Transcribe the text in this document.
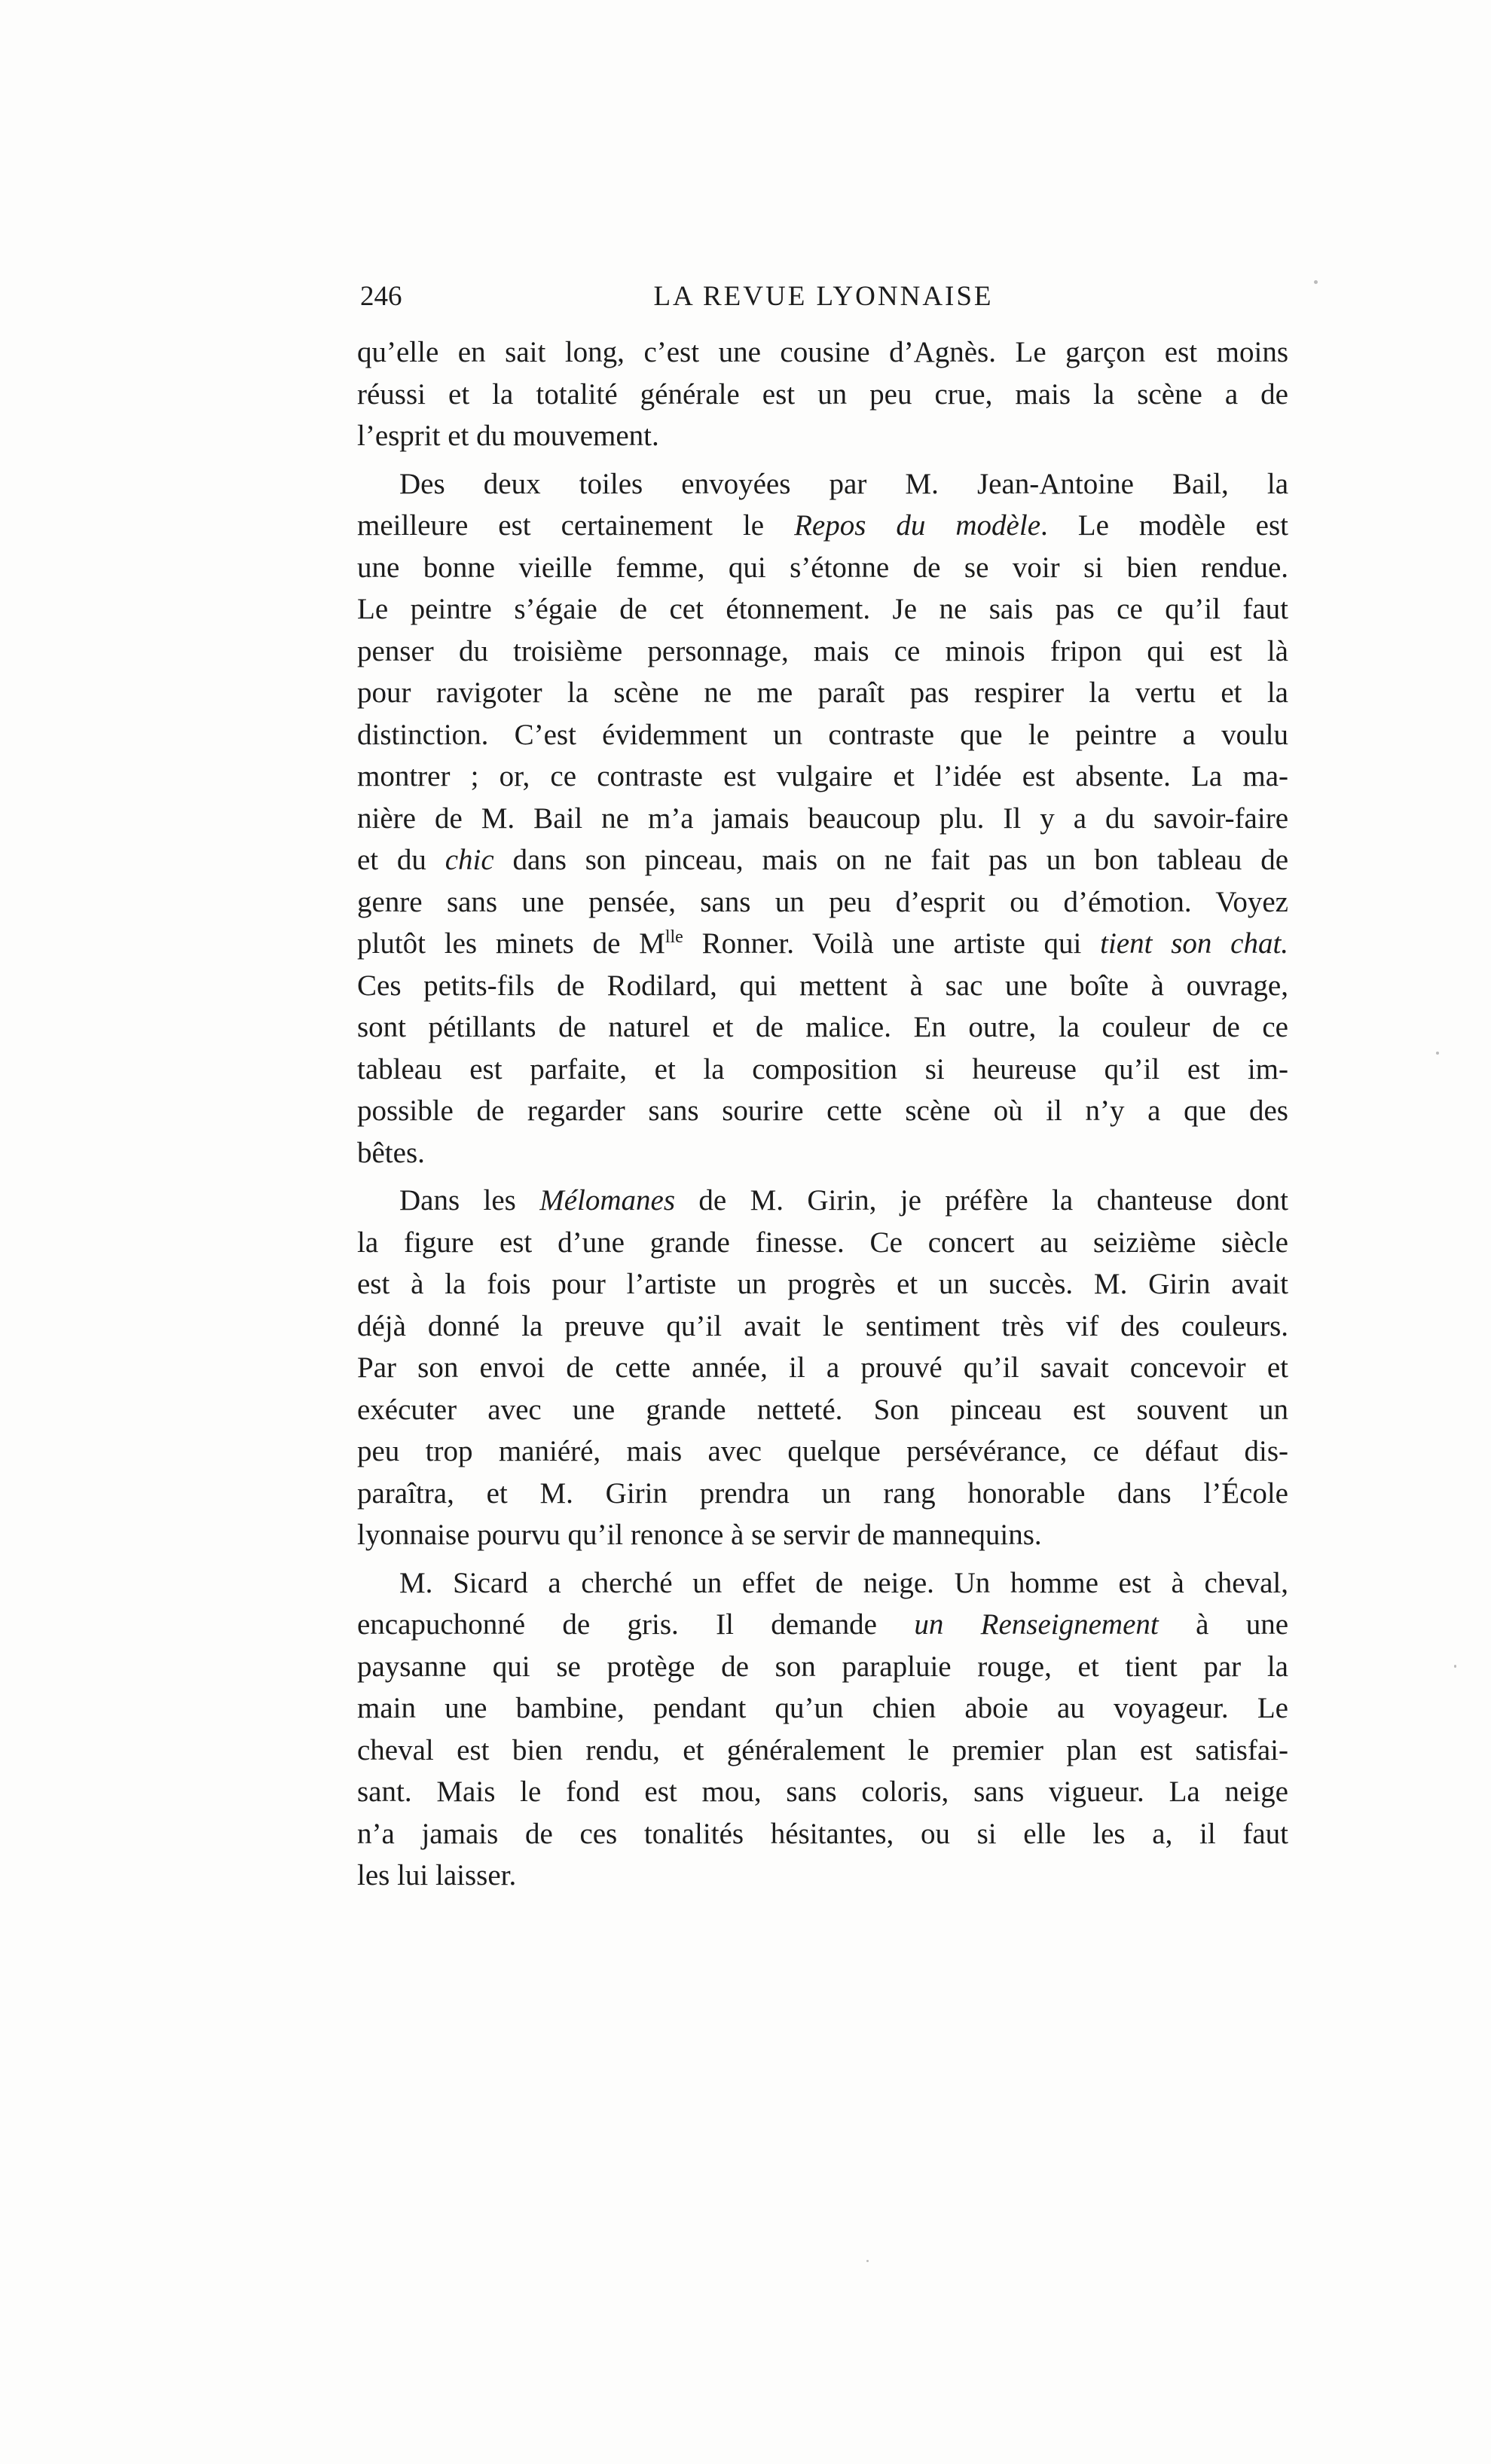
246	LA REVUE LYONNAISE
qu’elle en sait long, c’est une cousine d’Agnès. Le garçon est moins
réussi et la totalité générale est un peu crue, mais la scène a de
l’esprit et du mouvement.
Des deux toiles envoyées par M. Jean-Antoine Bail, la
meilleure est certainement le Repos du modèle. Le modèle est
une bonne vieille femme, qui s’étonne de se voir si bien rendue.
Le peintre s’égaie de cet étonnement. Je ne sais pas ce qu’il faut
penser du troisième personnage, mais ce minois fripon qui est là
pour ravigoter la scène ne me paraît pas respirer la vertu et la
distinction. C’est évidemment un contraste que le peintre a voulu
montrer ; or, ce contraste est vulgaire et l’idée est absente. La ma-
nière de M. Bail ne m’a jamais beaucoup plu. Il y a du savoir-faire
et du chic dans son pinceau, mais on ne fait pas un bon tableau de
genre sans une pensée, sans un peu d’esprit ou d’émotion. Voyez
plutôt les minets de $M^{lle}$ Ronner. Voilà une artiste qui tient son chat.
Ces petits-fils de Rodilard, qui mettent à sac une boîte à ouvrage,
sont pétillants de naturel et de malice. En outre, la couleur de ce
tableau est parfaite, et la composition si heureuse qu’il est im-
possible de regarder sans sourire cette scène où il n’y a que des
bêtes.
Dans les Mélomanes de M. Girin, je préfère la chanteuse dont
la figure est d’une grande finesse. Ce concert au seizième siècle
est à la fois pour l’artiste un progrès et un succès. M. Girin avait
déjà donné la preuve qu’il avait le sentiment très vif des couleurs.
Par son envoi de cette année, il a prouvé qu’il savait concevoir et
exécuter avec une grande netteté. Son pinceau est souvent un
peu trop maniéré, mais avec quelque persévérance, ce défaut dis-
paraîtra, et M. Girin prendra un rang honorable dans l’École
lyonnaise pourvu qu’il renonce à se servir de mannequins.
M. Sicard a cherché un effet de neige. Un homme est à cheval,
encapuchonné de gris. Il demande un Renseignement à une
paysanne qui se protège de son parapluie rouge, et tient par la
main une bambine, pendant qu’un chien aboie au voyageur. Le
cheval est bien rendu, et généralement le premier plan est satisfai-
sant. Mais le fond est mou, sans coloris, sans vigueur. La neige
n’a jamais de ces tonalités hésitantes, ou si elle les a, il faut
les lui laisser.
